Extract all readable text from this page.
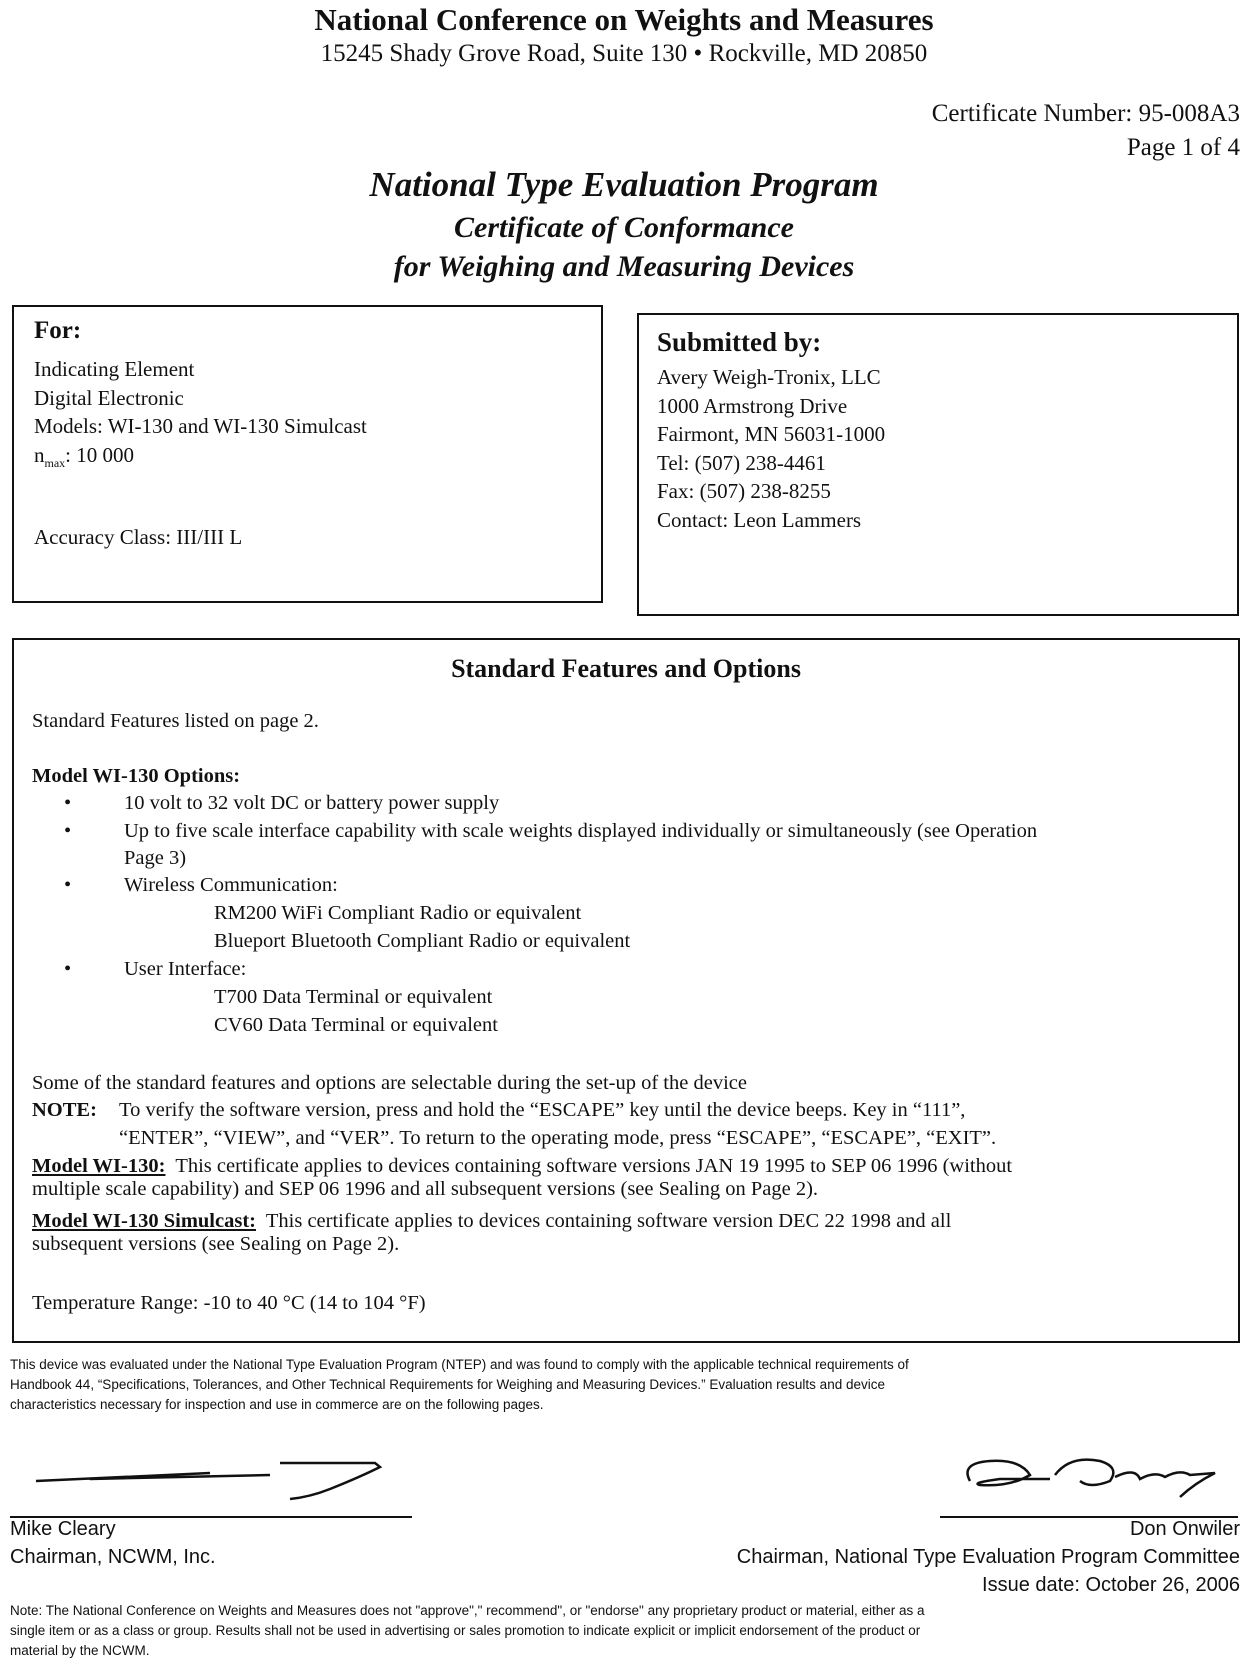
National Conference on Weights and Measures
15245 Shady Grove Road, Suite 130 • Rockville, MD 20850
Certificate Number: 95-008A3
Page 1 of 4
National Type Evaluation Program
Certificate of Conformance
for Weighing and Measuring Devices
For:
Indicating Element
Digital Electronic
Models: WI-130 and WI-130 Simulcast
$n_{max}$: 10 000
Accuracy Class: III/III L
Submitted by:
Avery Weigh-Tronix, LLC
1000 Armstrong Drive
Fairmont, MN 56031-1000
Tel: (507) 238-4461
Fax: (507) 238-8255
Contact: Leon Lammers
Standard Features and Options
Standard Features listed on page 2.
Model WI-130 Options:
•	10 volt to 32 volt DC or battery power supply
•	Up to five scale interface capability with scale weights displayed individually or simultaneously (see Operation
Page 3)
•	Wireless Communication:
RM200 WiFi Compliant Radio or equivalent
Blueport Bluetooth Compliant Radio or equivalent
•	User Interface:
T700 Data Terminal or equivalent
CV60 Data Terminal or equivalent
Some of the standard features and options are selectable during the set-up of the device
NOTE: To verify the software version, press and hold the “ESCAPE” key until the device beeps. Key in “111”,
“ENTER”, “VIEW”, and “VER”. To return to the operating mode, press “ESCAPE”, “ESCAPE”, “EXIT”.
Model WI-130: This certificate applies to devices containing software versions JAN 19 1995 to SEP 06 1996 (without
multiple scale capability) and SEP 06 1996 and all subsequent versions (see Sealing on Page 2).
Model WI-130 Simulcast: This certificate applies to devices containing software version DEC 22 1998 and all
subsequent versions (see Sealing on Page 2).
Temperature Range: -10 to 40 °C (14 to 104 °F)
This device was evaluated under the National Type Evaluation Program (NTEP) and was found to comply with the applicable technical requirements of
Handbook 44, “Specifications, Tolerances, and Other Technical Requirements for Weighing and Measuring Devices.” Evaluation results and device
characteristics necessary for inspection and use in commerce are on the following pages.
Mike Cleary
Chairman, NCWM, Inc.
Don Onwiler
Chairman, National Type Evaluation Program Committee
Issue date: October 26, 2006
Note: The National Conference on Weights and Measures does not "approve"," recommend", or "endorse" any proprietary product or material, either as a
single item or as a class or group. Results shall not be used in advertising or sales promotion to indicate explicit or implicit endorsement of the product or
material by the NCWM.
